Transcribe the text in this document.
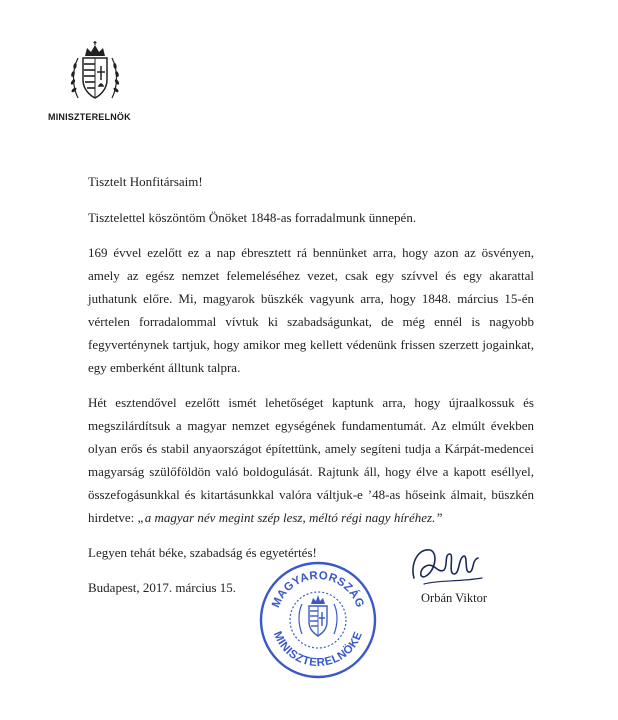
MINISZTERELNÖK

Tisztelt Honfitársaim!

Tisztelettel köszöntöm Önöket 1848-as forradalmunk ünnepén.

169 évvel ezelőtt ez a nap ébresztett rá bennünket arra, hogy azon az ösvényen, amely az egész nemzet felemeléséhez vezet, csak egy szívvel és egy akarattal juthatunk előre. Mi, magyarok büszkék vagyunk arra, hogy 1848. március 15-én vértelen forradalommal vívtuk ki szabadságunkat, de még ennél is nagyobb fegyverténynek tartjuk, hogy amikor meg kellett védenünk frissen szerzett jogainkat, egy emberként álltunk talpra.

Hét esztendővel ezelőtt ismét lehetőséget kaptunk arra, hogy újraalkossuk és megszilárdítsuk a magyar nemzet egységének fundamentumát. Az elmúlt években olyan erős és stabil anyaországot építettünk, amely segíteni tudja a Kárpát-medencei magyarság szülőföldön való boldogulását. Rajtunk áll, hogy élve a kapott eséllyel, összefogásunkkal és kitartásunkkal valóra váltjuk-e ’48-as hőseink álmait, büszkén hirdetve: „a magyar név megint szép lesz, méltó régi nagy híréhez.”

Legyen tehát béke, szabadság és egyetértés!

Budapest, 2017. március 15.

Orbán Viktor
MAGYARORSZÁG
MINISZTERELNÖKE
